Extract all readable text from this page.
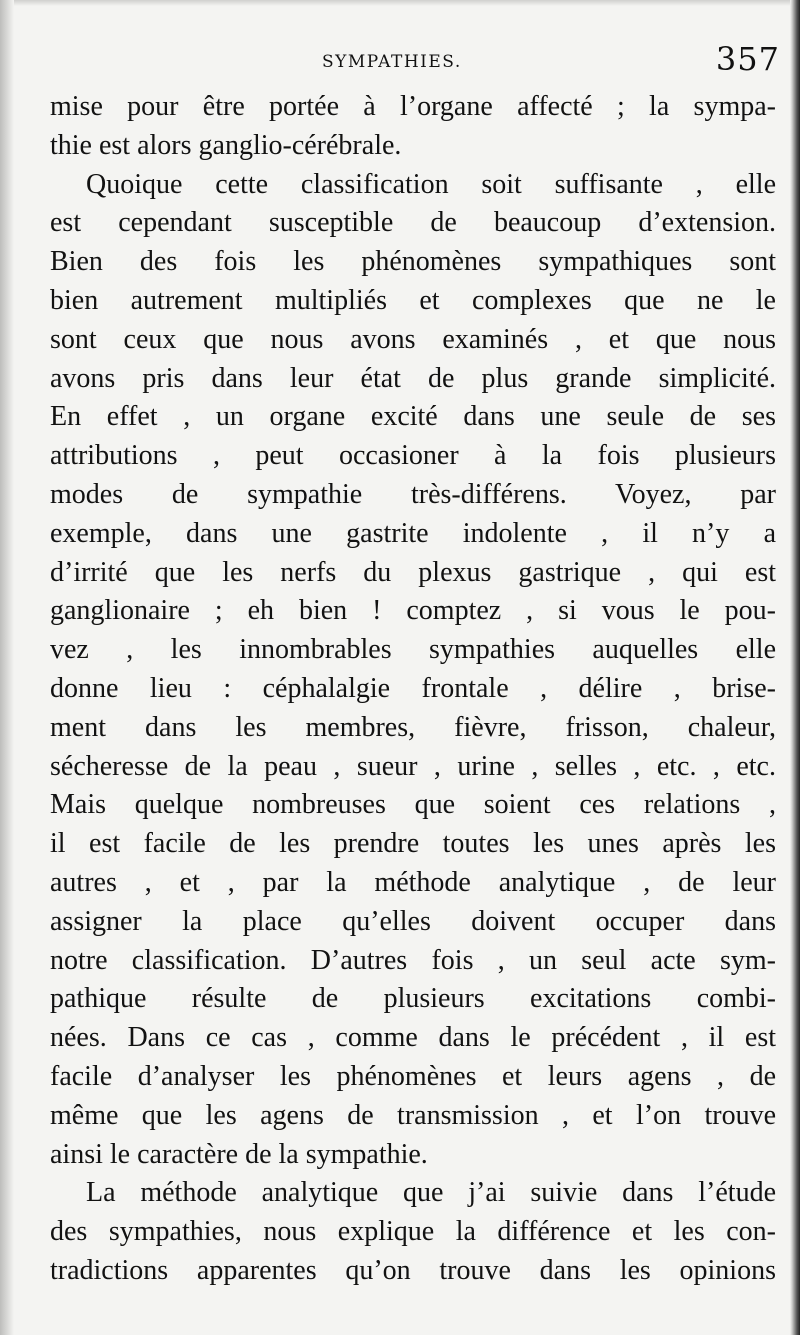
SYMPATHIES.	357
mise pour être portée à l’organe affecté ; la sympa-
thie est alors ganglio-cérébrale.
Quoique cette classification soit suffisante , elle
est cependant susceptible de beaucoup d’extension.
Bien des fois les phénomènes sympathiques sont
bien autrement multipliés et complexes que ne le
sont ceux que nous avons examinés , et que nous
avons pris dans leur état de plus grande simplicité.
En effet , un organe excité dans une seule de ses
attributions , peut occasioner à la fois plusieurs
modes de sympathie très-différens. Voyez, par
exemple, dans une gastrite indolente , il n’y a
d’irrité que les nerfs du plexus gastrique , qui est
ganglionaire ; eh bien ! comptez , si vous le pou-
vez , les innombrables sympathies auquelles elle
donne lieu : céphalalgie frontale , délire , brise-
ment dans les membres, fièvre, frisson, chaleur,
sécheresse de la peau , sueur , urine , selles , etc. , etc.
Mais quelque nombreuses que soient ces relations ,
il est facile de les prendre toutes les unes après les
autres , et , par la méthode analytique , de leur
assigner la place qu’elles doivent occuper dans
notre classification. D’autres fois , un seul acte sym-
pathique résulte de plusieurs excitations combi-
nées. Dans ce cas , comme dans le précédent , il est
facile d’analyser les phénomènes et leurs agens , de
même que les agens de transmission , et l’on trouve
ainsi le caractère de la sympathie.
La méthode analytique que j’ai suivie dans l’étude
des sympathies, nous explique la différence et les con-
tradictions apparentes qu’on trouve dans les opinions
